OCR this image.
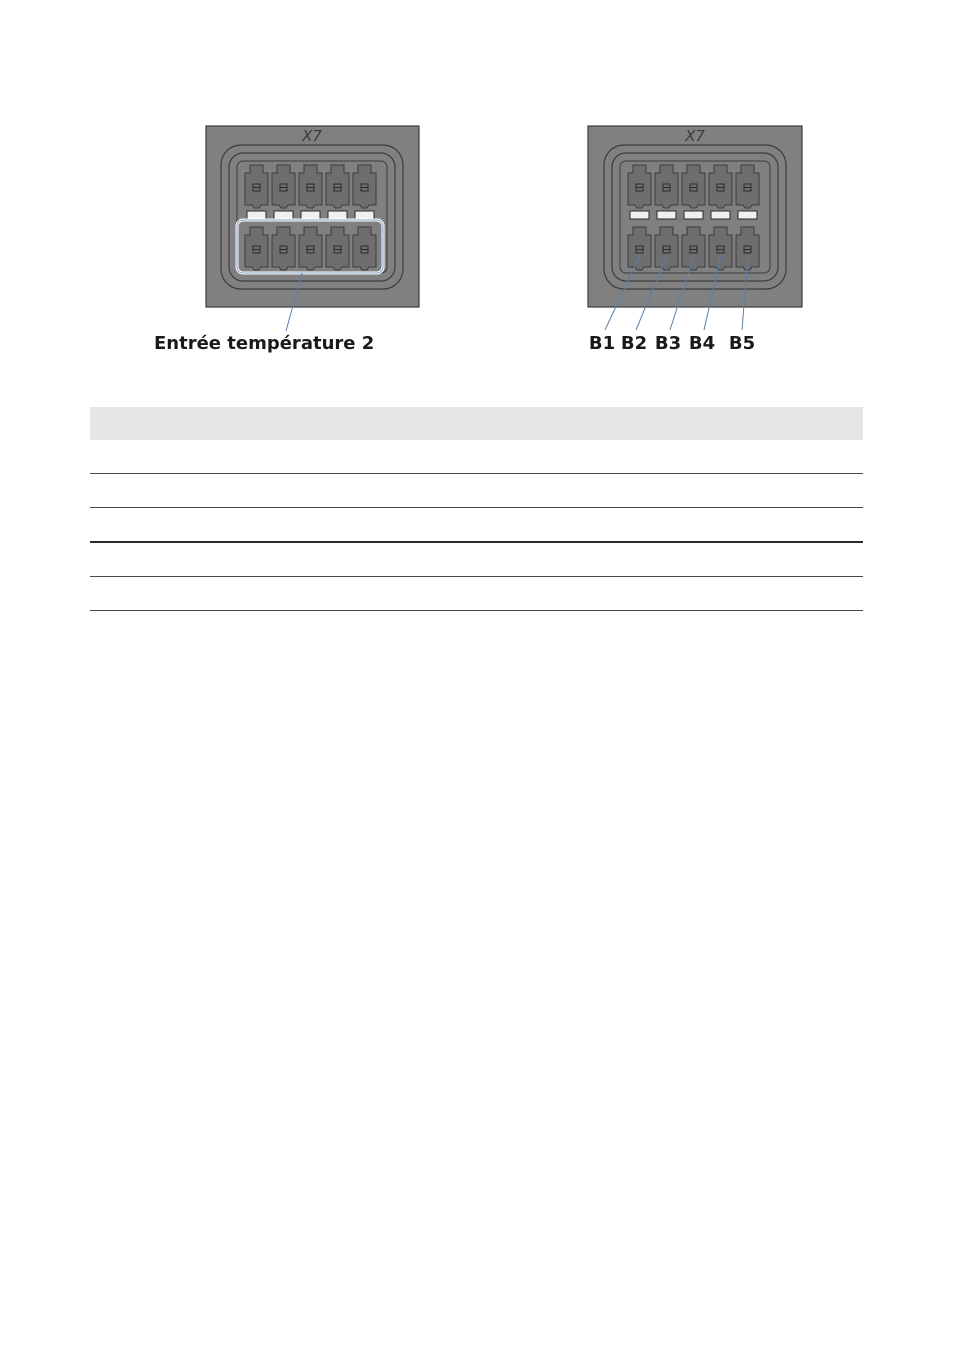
X7
Entrée température 2
X7
B1 B2 B3 B4 B5
